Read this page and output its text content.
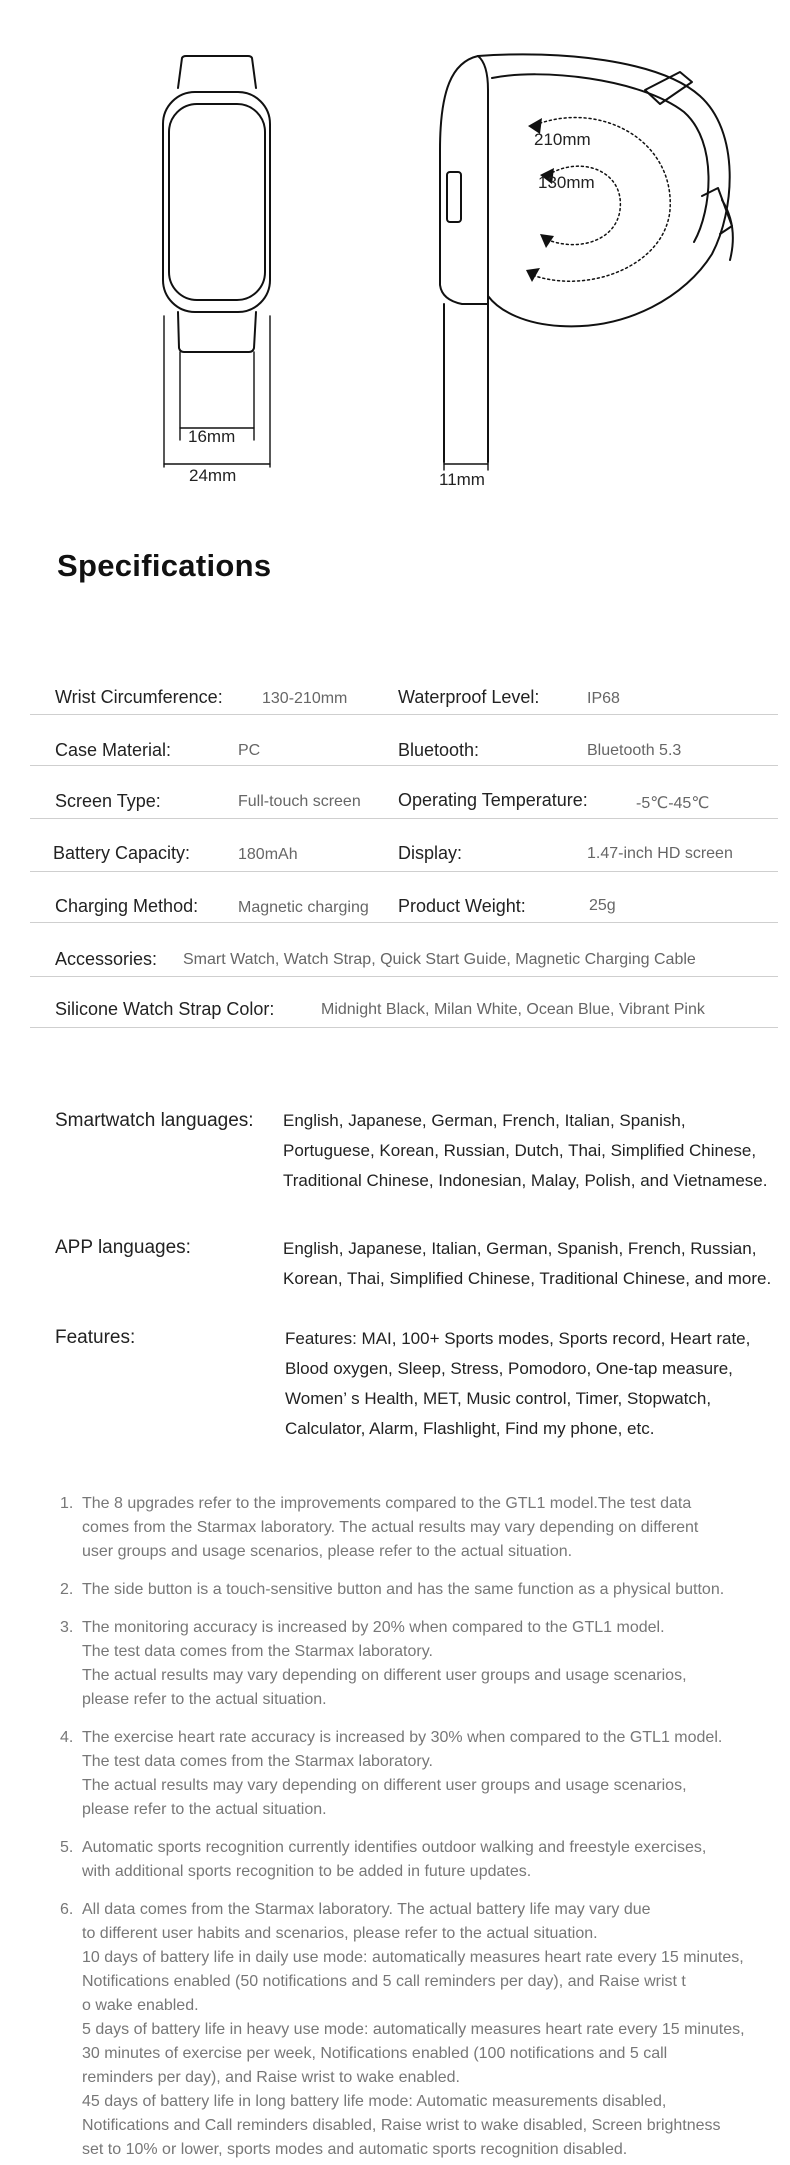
16mm
24mm
210mm
130mm
11mm
Specifications
Wrist Circumference: 130-210mm	Waterproof Level:	IP68
Case Material:	PC	Bluetooth:	Bluetooth 5.3
Screen Type:	Full-touch screen Operating Temperature:	-5℃-45℃
Battery Capacity:	180mAh	Display:	1.47-inch HD screen
Charging Method: Magnetic charging Product Weight:	25g
Accessories: Smart Watch, Watch Strap, Quick Start Guide, Magnetic Charging Cable
Silicone Watch Strap Color:	Midnight Black, Milan White, Ocean Blue, Vibrant Pink
Smartwatch languages: English, Japanese, German, French, Italian, Spanish,
Portuguese, Korean, Russian, Dutch, Thai, Simplified Chinese,
Traditional Chinese, Indonesian, Malay, Polish, and Vietnamese.
APP languages:	English, Japanese, Italian, German, Spanish, French, Russian,
Korean, Thai, Simplified Chinese, Traditional Chinese, and more.
Features:	Features: MAI, 100+ Sports modes, Sports record, Heart rate,
Blood oxygen, Sleep, Stress, Pomodoro, One-tap measure,
Women’ s Health, MET, Music control, Timer, Stopwatch,
Calculator, Alarm, Flashlight, Find my phone, etc.
1. The 8 upgrades refer to the improvements compared to the GTL1 model.The test data
comes from the Starmax laboratory. The actual results may vary depending on different
user groups and usage scenarios, please refer to the actual situation.
2. The side button is a touch-sensitive button and has the same function as a physical button.
3. The monitoring accuracy is increased by 20% when compared to the GTL1 model.
The test data comes from the Starmax laboratory.
The actual results may vary depending on different user groups and usage scenarios,
please refer to the actual situation.
4. The exercise heart rate accuracy is increased by 30% when compared to the GTL1 model.
The test data comes from the Starmax laboratory.
The actual results may vary depending on different user groups and usage scenarios,
please refer to the actual situation.
5. Automatic sports recognition currently identifies outdoor walking and freestyle exercises,
with additional sports recognition to be added in future updates.
6. All data comes from the Starmax laboratory. The actual battery life may vary due
to different user habits and scenarios, please refer to the actual situation.
10 days of battery life in daily use mode: automatically measures heart rate every 15 minutes,
Notifications enabled (50 notifications and 5 call reminders per day), and Raise wrist t
o wake enabled.
5 days of battery life in heavy use mode: automatically measures heart rate every 15 minutes,
30 minutes of exercise per week, Notifications enabled (100 notifications and 5 call
reminders per day), and Raise wrist to wake enabled.
45 days of battery life in long battery life mode: Automatic measurements disabled,
Notifications and Call reminders disabled, Raise wrist to wake disabled, Screen brightness
set to 10% or lower, sports modes and automatic sports recognition disabled.
